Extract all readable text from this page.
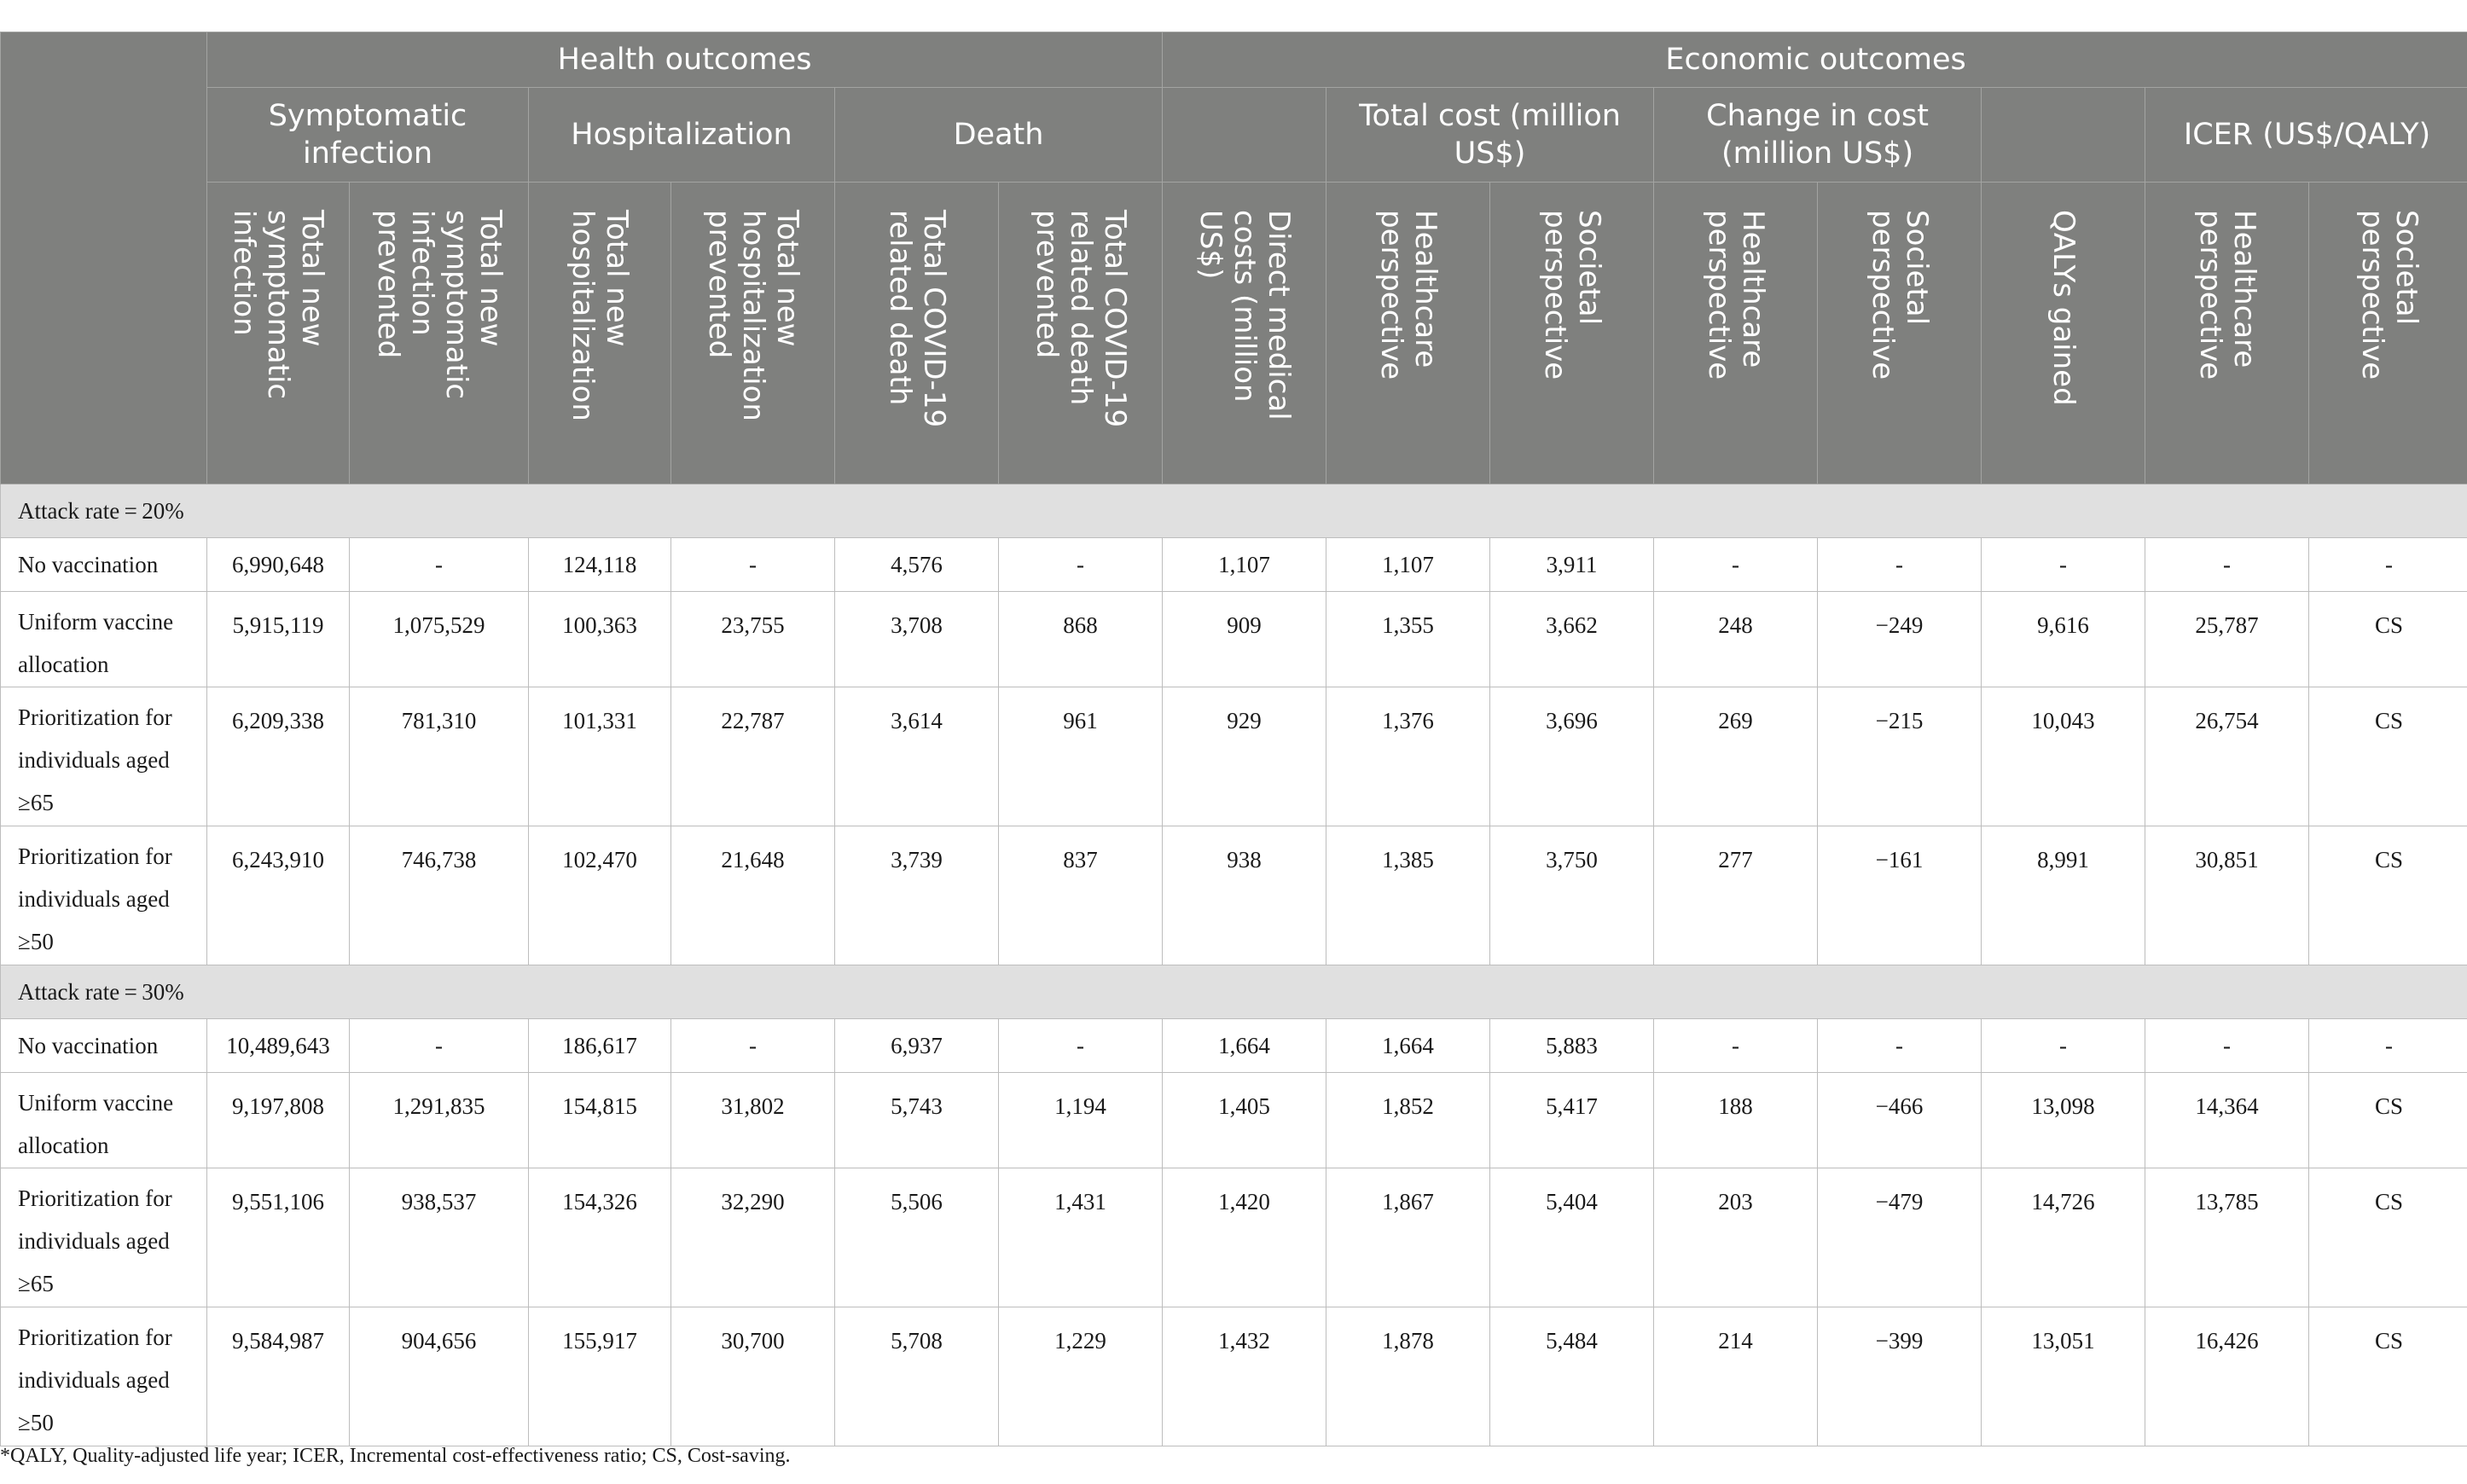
	Health outcomes						Economic outcomes							
	Symptomatic infection		Hospitalization		Death			Total cost (million US$)		Change in cost (million US$)			ICER (US$/QALY)	

	Total new symptomatic infection	Total new symptomatic infection prevented	Total new hospitalization	Total new hospitalization prevented	Total COVID-19 related death	Total COVID-19 related death prevented	Direct medical costs (million US$)	Healthcare perspective	Societal perspective	Healthcare perspective	Societal perspective	QALYs gained	Healthcare perspective	Societal perspective

Attack rate = 20%														
No vaccination	6,990,648	-	124,118	-	4,576	-	1,107	1,107	3,911	-	-	-	-	-
Uniform vaccine allocation	5,915,119	1,075,529	100,363	23,755	3,708	868	909	1,355	3,662	248	−249	9,616	25,787	CS
Prioritization for individuals aged ≥65	6,209,338	781,310	101,331	22,787	3,614	961	929	1,376	3,696	269	−215	10,043	26,754	CS
Prioritization for individuals aged ≥50	6,243,910	746,738	102,470	21,648	3,739	837	938	1,385	3,750	277	−161	8,991	30,851	CS
Attack rate = 30%														
No vaccination	10,489,643	-	186,617	-	6,937	-	1,664	1,664	5,883	-	-	-	-	-
Uniform vaccine allocation	9,197,808	1,291,835	154,815	31,802	5,743	1,194	1,405	1,852	5,417	188	−466	13,098	14,364	CS
Prioritization for individuals aged ≥65	9,551,106	938,537	154,326	32,290	5,506	1,431	1,420	1,867	5,404	203	−479	14,726	13,785	CS
Prioritization for individuals aged ≥50	9,584,987	904,656	155,917	30,700	5,708	1,229	1,432	1,878	5,484	214	−399	13,051	16,426	CS
*QALY, Quality-adjusted life year; ICER, Incremental cost-effectiveness ratio; CS, Cost-saving.
